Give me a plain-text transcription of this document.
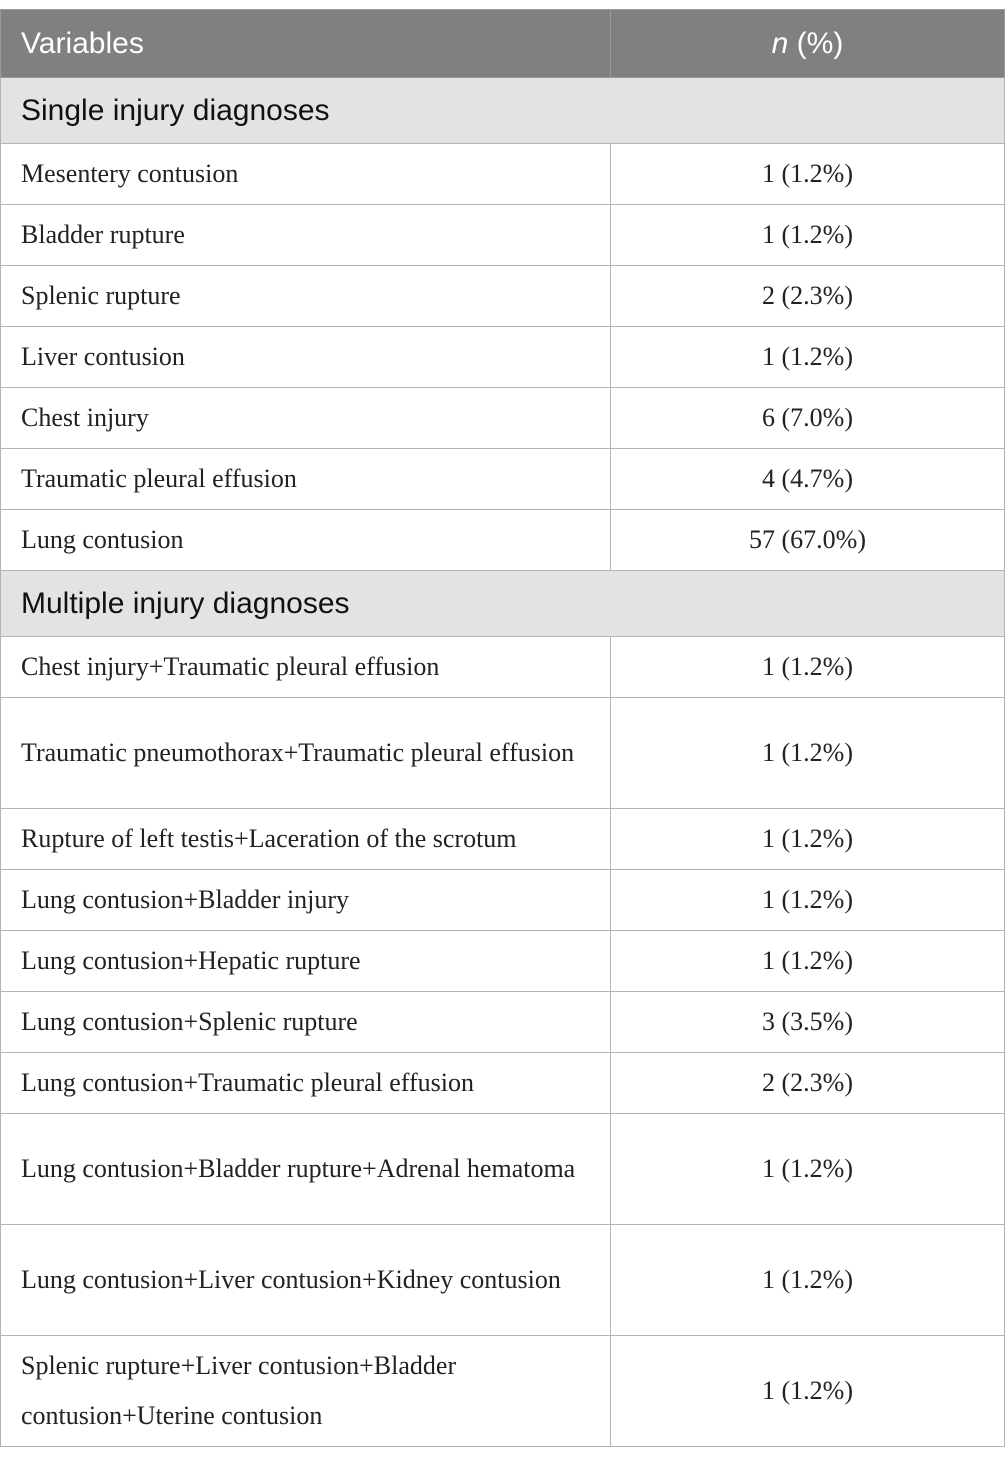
Variables	n (%)
Single injury diagnoses	
Mesentery contusion	1 (1.2%)
Bladder rupture	1 (1.2%)
Splenic rupture	2 (2.3%)
Liver contusion	1 (1.2%)
Chest injury	6 (7.0%)
Traumatic pleural effusion	4 (4.7%)
Lung contusion	57 (67.0%)
Multiple injury diagnoses	
Chest injury+Traumatic pleural effusion	1 (1.2%)
Traumatic pneumothorax+Traumatic pleural effusion	1 (1.2%)
Rupture of left testis+Laceration of the scrotum	1 (1.2%)
Lung contusion+Bladder injury	1 (1.2%)
Lung contusion+Hepatic rupture	1 (1.2%)
Lung contusion+Splenic rupture	3 (3.5%)
Lung contusion+Traumatic pleural effusion	2 (2.3%)
Lung contusion+Bladder rupture+Adrenal hematoma	1 (1.2%)
Lung contusion+Liver contusion+Kidney contusion	1 (1.2%)
Splenic rupture+Liver contusion+Bladder contusion+Uterine contusion	1 (1.2%)
